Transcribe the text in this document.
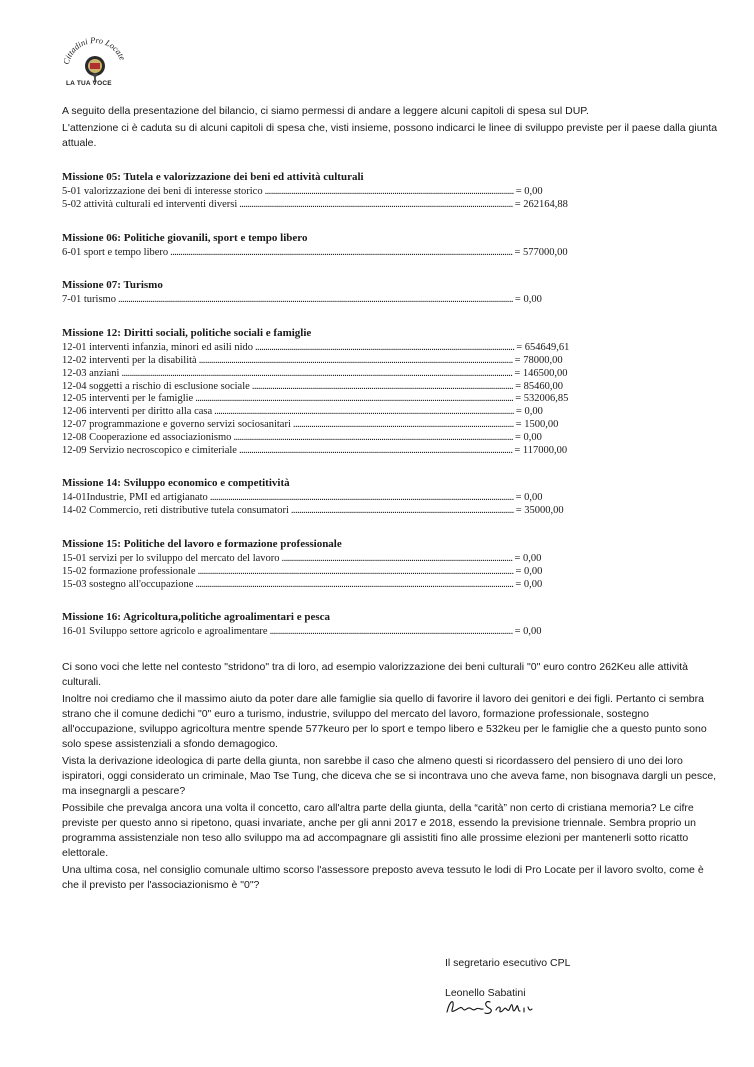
Cittadini Pro Locate
LA TUA VOCE

A seguito della presentazione del bilancio, ci siamo permessi di andare a leggere alcuni capitoli di spesa sul DUP.

L'attenzione ci è caduta su di alcuni capitoli di spesa che, visti insieme, possono indicarci le linee di sviluppo previste per il paese dalla giunta attuale.

Missione 05: Tutela e valorizzazione dei beni ed attività culturali
5-01 valorizzazione dei beni di interesse storico ........................................................................................................................... = 0,00
5-02 attività culturali ed interventi diversi ....................................................................................................................................... = 262164,88
Missione 06: Politiche giovanili, sport e tempo libero
6-01 sport e tempo libero ......................................................................................................................................................................... = 577000,00
Missione 07: Turismo
7-01 turismo ................................................................................................................................................................................................... = 0,00
Missione 12: Diritti sociali, politiche sociali e famiglie
12-01 interventi infanzia, minori ed asili nido ................................................................................................................................ = 654649,61
12-02 interventi per la disabilità ........................................................................................................................................................... = 78000,00
12-03 anziani ................................................................................................................................................................................................. = 146500,00
12-04 soggetti a rischio di esclusione sociale ................................................................................................................................. = 85460,00
12-05 interventi per le famiglie ............................................................................................................................................................. = 532006,85
12-06 interventi per diritto alla casa .................................................................................................................................................... = 0,00
12-07 programmazione e governo servizi sociosanitari ............................................................................................................. = 1500,00
12-08 Cooperazione ed associazionismo .......................................................................................................................................... = 0,00
12-09 Servizio necroscopico e cimiteriale ....................................................................................................................................... = 117000,00
Missione 14: Sviluppo economico e competitività
14-01Industrie, PMI ed artigianato ...................................................................................................................................................... = 0,00
14-02 Commercio, reti distributive tutela consumatori .............................................................................................................. = 35000,00
Missione 15: Politiche del lavoro e formazione professionale
15-01 servizi per lo sviluppo del mercato del lavoro .................................................................................................................. = 0,00
15-02 formazione professionale ............................................................................................................................................................ = 0,00
15-03 sostegno all'occupazione ............................................................................................................................................................. = 0,00
Missione 16: Agricoltura,politiche agroalimentari e pesca
16-01 Sviluppo settore agricolo e agroalimentare ........................................................................................................................ = 0,00

Ci sono voci che lette nel contesto "stridono" tra di loro, ad esempio valorizzazione dei beni culturali "0" euro contro 262Keu alle attività culturali.

Inoltre noi crediamo che il massimo aiuto da poter dare alle famiglie sia quello di favorire il lavoro dei genitori e dei figli. Pertanto ci sembra strano che il comune dedichi "0" euro a turismo, industrie, sviluppo del mercato del lavoro, formazione professionale, sostegno all'occupazione, sviluppo agricoltura mentre spende 577keuro per lo sport e tempo libero e 532keu per le famiglie che a questo punto sono solo spese assistenziali a sfondo demagogico.

Vista la derivazione ideologica di parte della giunta, non sarebbe il caso che almeno questi si ricordassero del pensiero di uno dei loro ispiratori, oggi considerato un criminale, Mao Tse Tung, che diceva che se si incontrava uno che aveva fame, non bisognava dargli un pesce, ma insegnargli a pescare?

Possibile che prevalga ancora una volta il concetto, caro all'altra parte della giunta, della “carità” non certo di cristiana memoria? Le cifre previste per questo anno si ripetono, quasi invariate, anche per gli anni 2017 e 2018, essendo la previsione triennale. Sembra proprio un programma assistenziale non teso allo sviluppo ma ad accompagnare gli assistiti fino alle prossime elezioni per mantenerli sotto ricatto elettorale.

Una ultima cosa, nel consiglio comunale ultimo scorso l'assessore preposto aveva tessuto le lodi di Pro Locate per il lavoro svolto, come è che il previsto per l'associazionismo è "0"?

Il segretario esecutivo CPL
Leonello Sabatini
